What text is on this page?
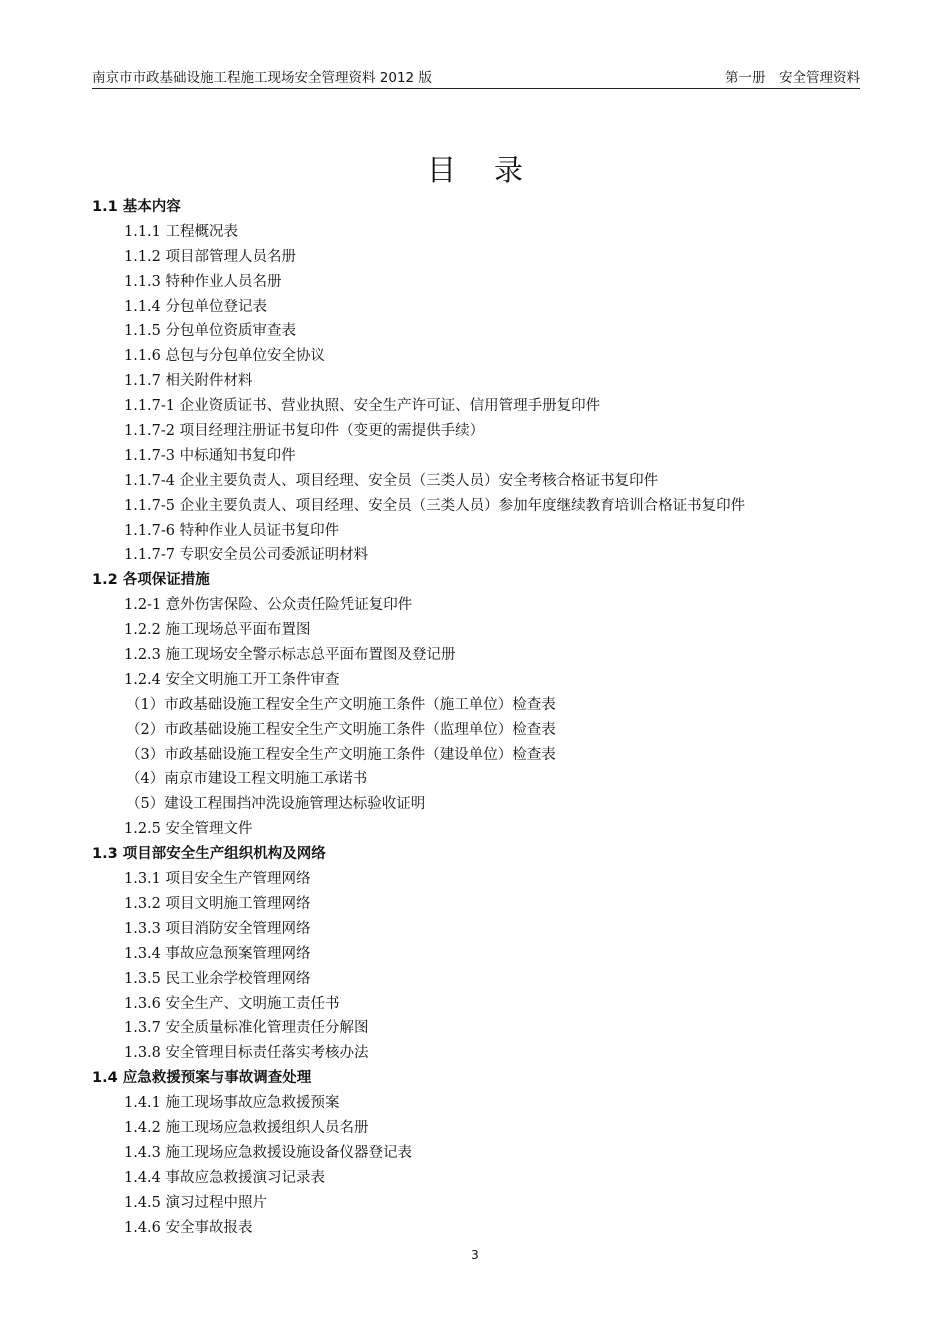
南京市市政基础设施工程施工现场安全管理资料 2012 版	第一册　安全管理资料
目录
1.1 基本内容
1.1.1 工程概况表
1.1.2 项目部管理人员名册
1.1.3 特种作业人员名册
1.1.4 分包单位登记表
1.1.5 分包单位资质审查表
1.1.6 总包与分包单位安全协议
1.1.7 相关附件材料
1.1.7-1 企业资质证书、营业执照、安全生产许可证、信用管理手册复印件
1.1.7-2 项目经理注册证书复印件（变更的需提供手续）
1.1.7-3 中标通知书复印件
1.1.7-4 企业主要负责人、项目经理、安全员（三类人员）安全考核合格证书复印件
1.1.7-5 企业主要负责人、项目经理、安全员（三类人员）参加年度继续教育培训合格证书复印件
1.1.7-6 特种作业人员证书复印件
1.1.7-7 专职安全员公司委派证明材料
1.2 各项保证措施
1.2-1 意外伤害保险、公众责任险凭证复印件
1.2.2 施工现场总平面布置图
1.2.3 施工现场安全警示标志总平面布置图及登记册
1.2.4 安全文明施工开工条件审查
（1）市政基础设施工程安全生产文明施工条件（施工单位）检查表
（2）市政基础设施工程安全生产文明施工条件（监理单位）检查表
（3）市政基础设施工程安全生产文明施工条件（建设单位）检查表
（4）南京市建设工程文明施工承诺书
（5）建设工程围挡冲洗设施管理达标验收证明
1.2.5 安全管理文件
1.3 项目部安全生产组织机构及网络
1.3.1 项目安全生产管理网络
1.3.2 项目文明施工管理网络
1.3.3 项目消防安全管理网络
1.3.4 事故应急预案管理网络
1.3.5 民工业余学校管理网络
1.3.6 安全生产、文明施工责任书
1.3.7 安全质量标准化管理责任分解图
1.3.8 安全管理目标责任落实考核办法
1.4 应急救援预案与事故调查处理
1.4.1 施工现场事故应急救援预案
1.4.2 施工现场应急救援组织人员名册
1.4.3 施工现场应急救援设施设备仪器登记表
1.4.4 事故应急救援演习记录表
1.4.5 演习过程中照片
1.4.6 安全事故报表
3
